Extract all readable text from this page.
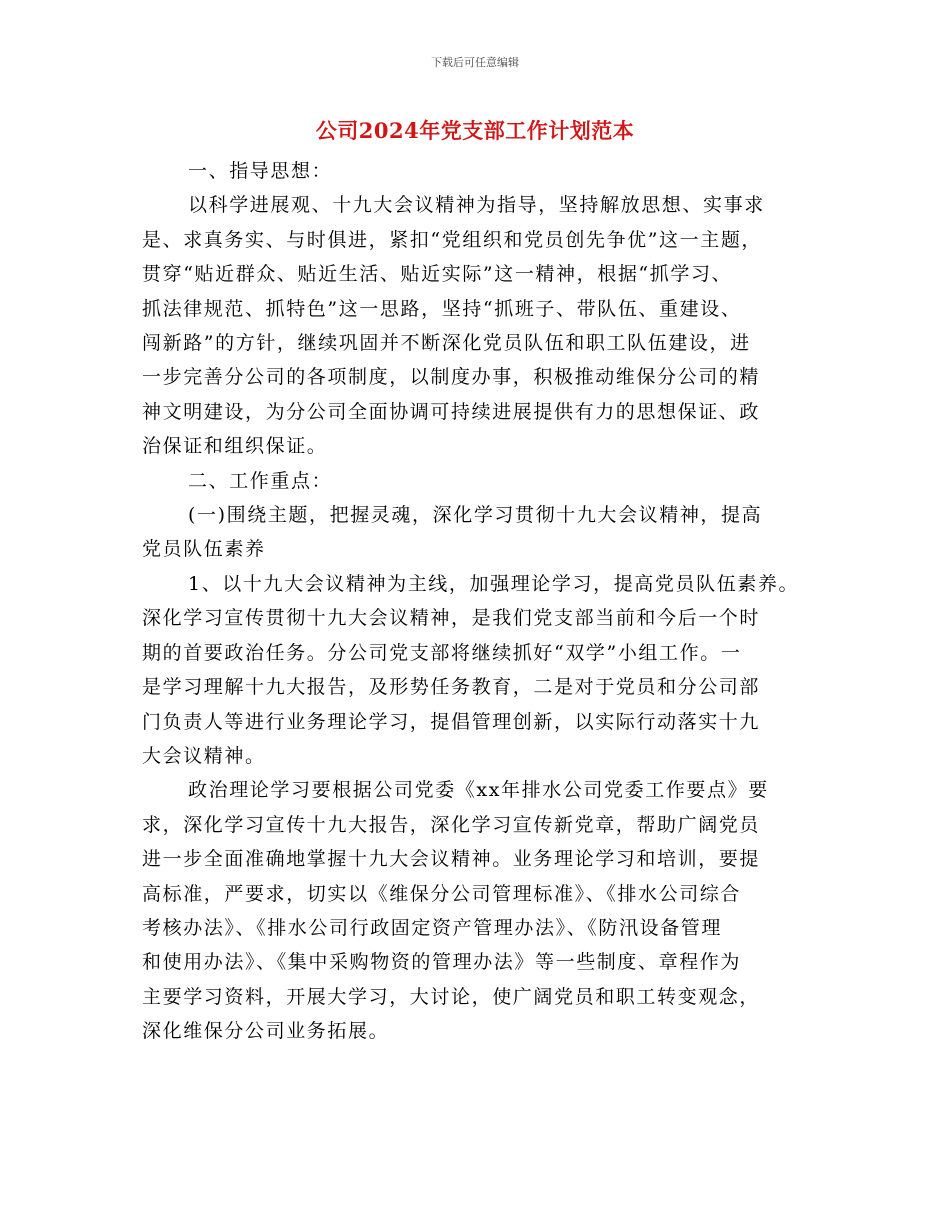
下载后可任意编辑
公司2024年党支部工作计划范本
一、指导思想：
以科学进展观、十九大会议精神为指导，坚持解放思想、实事求
是、求真务实、与时俱进，紧扣“党组织和党员创先争优”这一主题，
贯穿“贴近群众、贴近生活、贴近实际”这一精神，根据“抓学习、
抓法律规范、抓特色”这一思路，坚持“抓班子、带队伍、重建设、
闯新路”的方针，继续巩固并不断深化党员队伍和职工队伍建设，进
一步完善分公司的各项制度，以制度办事，积极推动维保分公司的精
神文明建设，为分公司全面协调可持续进展提供有力的思想保证、政
治保证和组织保证。
二、工作重点：
(一)围绕主题，把握灵魂，深化学习贯彻十九大会议精神，提高
党员队伍素养
1、以十九大会议精神为主线，加强理论学习，提高党员队伍素养。
深化学习宣传贯彻十九大会议精神，是我们党支部当前和今后一个时
期的首要政治任务。分公司党支部将继续抓好“双学”小组工作。一
是学习理解十九大报告，及形势任务教育，二是对于党员和分公司部
门负责人等进行业务理论学习，提倡管理创新，以实际行动落实十九
大会议精神。
政治理论学习要根据公司党委《xx年排水公司党委工作要点》要
求，深化学习宣传十九大报告，深化学习宣传新党章，帮助广阔党员
进一步全面准确地掌握十九大会议精神。业务理论学习和培训，要提
高标准，严要求，切实以《维保分公司管理标准》、《排水公司综合
考核办法》、《排水公司行政固定资产管理办法》、《防汛设备管理
和使用办法》、《集中采购物资的管理办法》等一些制度、章程作为
主要学习资料，开展大学习，大讨论，使广阔党员和职工转变观念，
深化维保分公司业务拓展。
